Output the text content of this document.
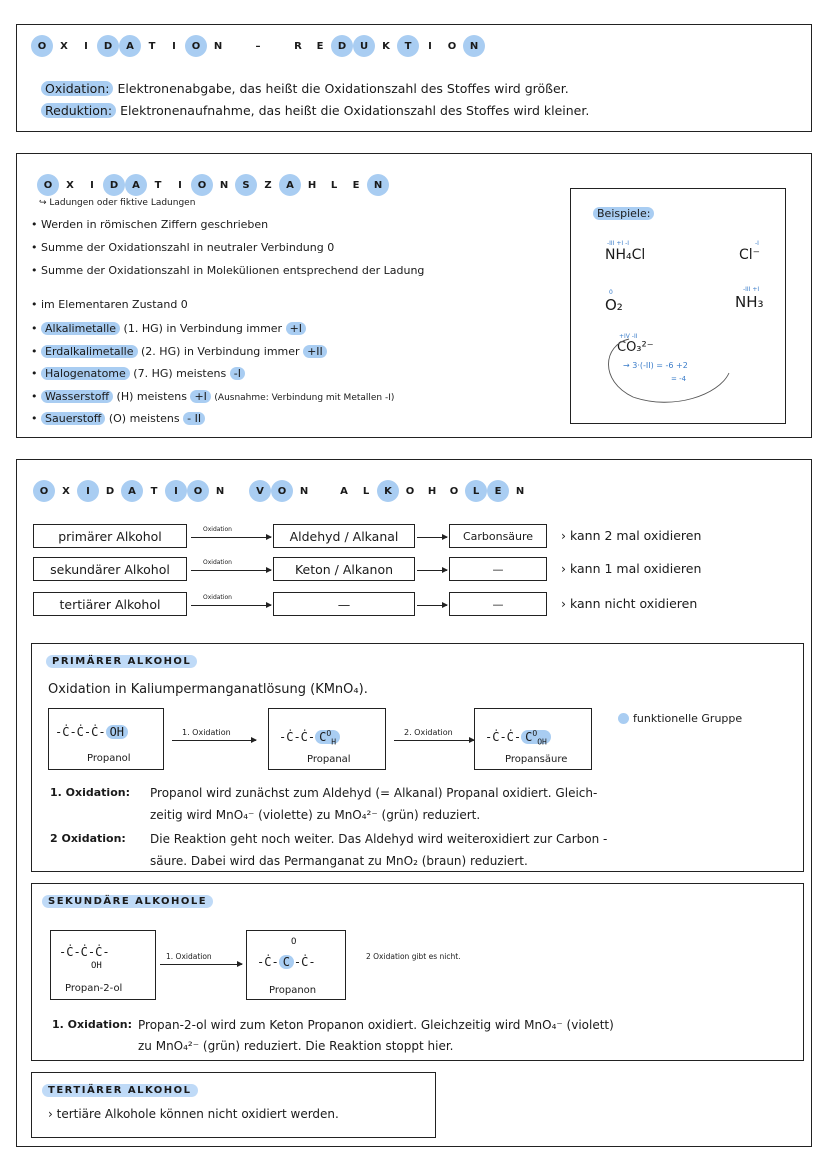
O	X	I	D	A	T	I	O	N	–	R	E	D	U	K	T	I	O	N
Oxidation: Elektronenabgabe, das heißt die Oxidationszahl des Stoffes wird größer.
Reduktion: Elektronenaufnahme, das heißt die Oxidationszahl des Stoffes wird kleiner.
O	X	I	D	A	T	I	O	N	S	Z	A	H	L	E	N
↪ Ladungen oder fiktive Ladungen
• Werden in römischen Ziffern geschrieben
• Summe der Oxidationszahl in neutraler Verbindung 0
• Summe der Oxidationszahl in Molekülionen entsprechend der Ladung
• im Elementaren Zustand 0
• Alkalimetalle (1. HG) in Verbindung immer +I
• Erdalkalimetalle (2. HG) in Verbindung immer +II
• Halogenatome (7. HG) meistens -I
• Wasserstoff (H) meistens +I (Ausnahme: Verbindung mit Metallen -I)
• Sauerstoff (O) meistens - II
Beispiele:
-III +I -I
NH₄Cl
-I
Cl⁻
0
O₂
-III +I
NH₃
+IV -II
CO₃²⁻
→ 3·(-II) = -6 +2
= -4
O	X	I	D	A	T	I	O	N	V	O	N	A	L	K	O	H	O	L	E	N
primärer Alkohol	Oxidation	Aldehyd / Alkanal	Carbonsäure	› kann 2 mal oxidieren
sekundärer Alkohol	Oxidation	Keton / Alkanon	—	› kann 1 mal oxidieren
tertiärer Alkohol	Oxidation	—	—	› kann nicht oxidieren
PRIMÄRER ALKOHOL
Oxidation in Kaliumpermanganatlösung (KMnO₄).
-Ċ-Ċ-Ċ- OH
Propanol
1. Oxidation	-Ċ-Ċ- $C^O_H$
Propanal
2. Oxidation	-Ċ-Ċ- $C^O_{OH}$
Propansäure
funktionelle Gruppe
1. Oxidation: Propanol wird zunächst zum Aldehyd (= Alkanal) Propanal oxidiert. Gleich-
zeitig wird MnO₄⁻ (violette) zu MnO₄²⁻ (grün) reduziert.
2 Oxidation: Die Reaktion geht noch weiter. Das Aldehyd wird weiteroxidiert zur Carbon -
säure. Dabei wird das Permanganat zu MnO₂ (braun) reduziert.
SEKUNDÄRE ALKOHOLE
-Ċ-Ċ-Ċ-
OH
Propan-2-ol
1. Oxidation	-Ċ- C -Ċ-
O
Propanon
2 Oxidation gibt es nicht.
1. Oxidation: Propan-2-ol wird zum Keton Propanon oxidiert. Gleichzeitig wird MnO₄⁻ (violett)
zu MnO₄²⁻ (grün) reduziert. Die Reaktion stoppt hier.
TERTIÄRER ALKOHOL
› tertiäre Alkohole können nicht oxidiert werden.
